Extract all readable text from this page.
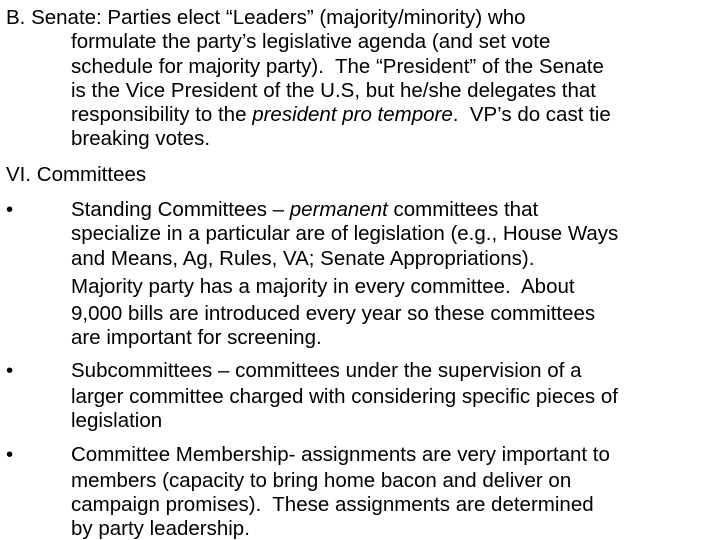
B. Senate: Parties elect “Leaders” (majority/minority) who
formulate the party’s legislative agenda (and set vote
schedule for majority party).  The “President” of the Senate
is the Vice President of the U.S, but he/she delegates that
responsibility to the president pro tempore.  VP’s do cast tie
breaking votes.
VI. Committees
•	Standing Committees – permanent committees that
specialize in a particular are of legislation (e.g., House Ways
and Means, Ag, Rules, VA; Senate Appropriations).
Majority party has a majority in every committee.  About
9,000 bills are introduced every year so these committees
are important for screening.
•	Subcommittees – committees under the supervision of a
larger committee charged with considering specific pieces of
legislation
•	Committee Membership- assignments are very important to
members (capacity to bring home bacon and deliver on
campaign promises).  These assignments are determined
by party leadership.
